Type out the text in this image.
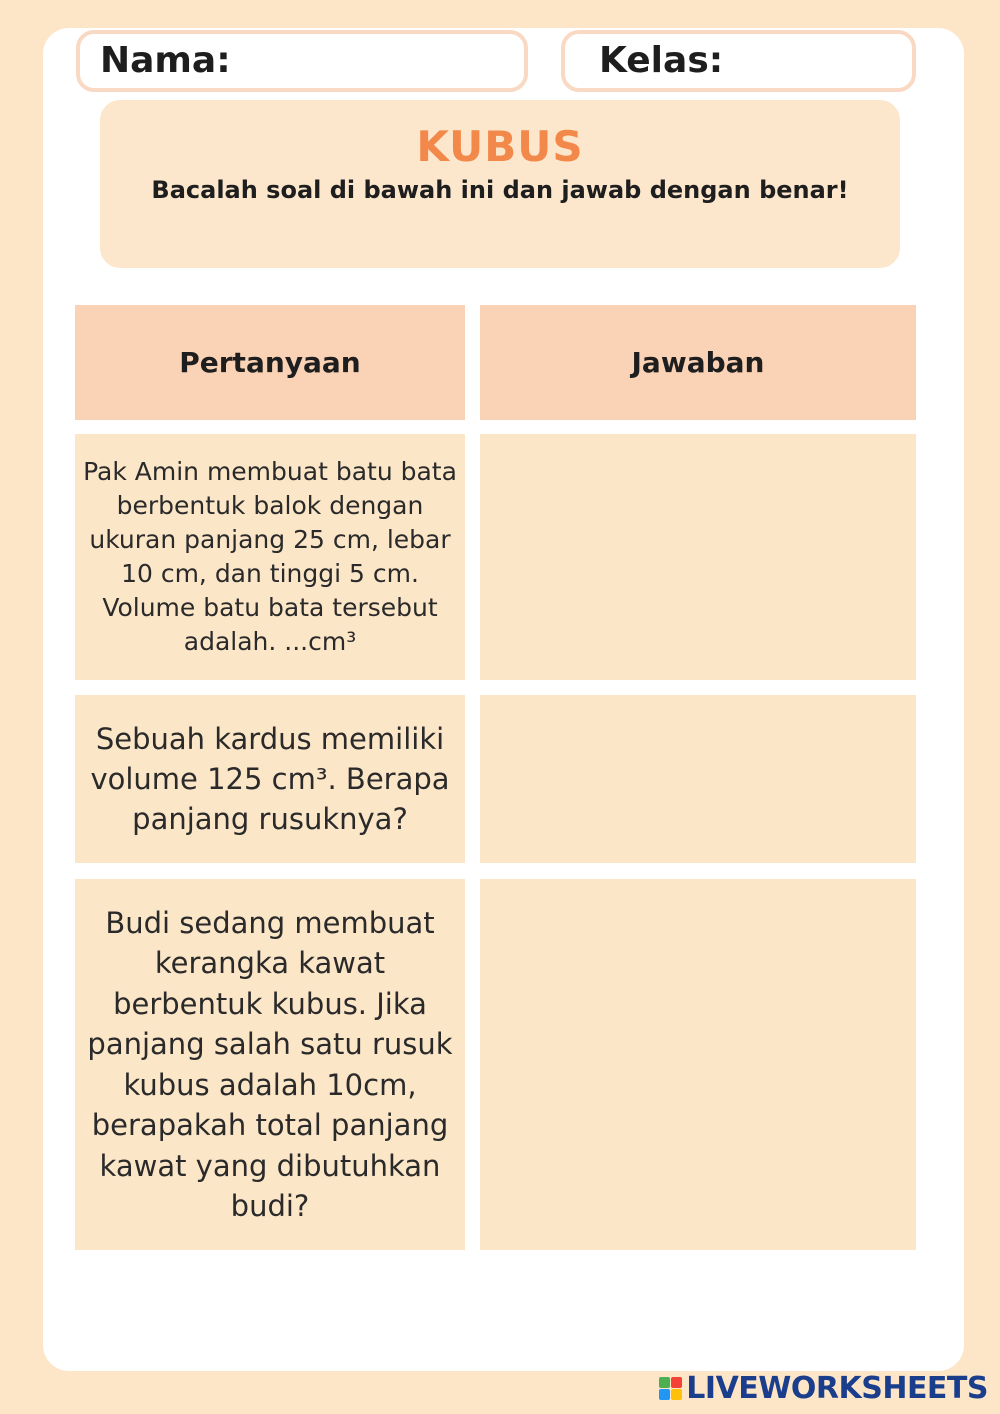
Nama:	Kelas:
KUBUS
Bacalah soal di bawah ini dan jawab dengan benar!
Pertanyaan	Jawaban
Pak Amin membuat batu bata berbentuk balok dengan ukuran panjang 25 cm, lebar 10 cm, dan tinggi 5 cm. Volume batu bata tersebut adalah. ...cm³
Sebuah kardus memiliki volume 125 cm³. Berapa panjang rusuknya?
Budi sedang membuat kerangka kawat berbentuk kubus. Jika panjang salah satu rusuk kubus adalah 10cm, berapakah total panjang kawat yang dibutuhkan budi?
LIVEWORKSHEETS
